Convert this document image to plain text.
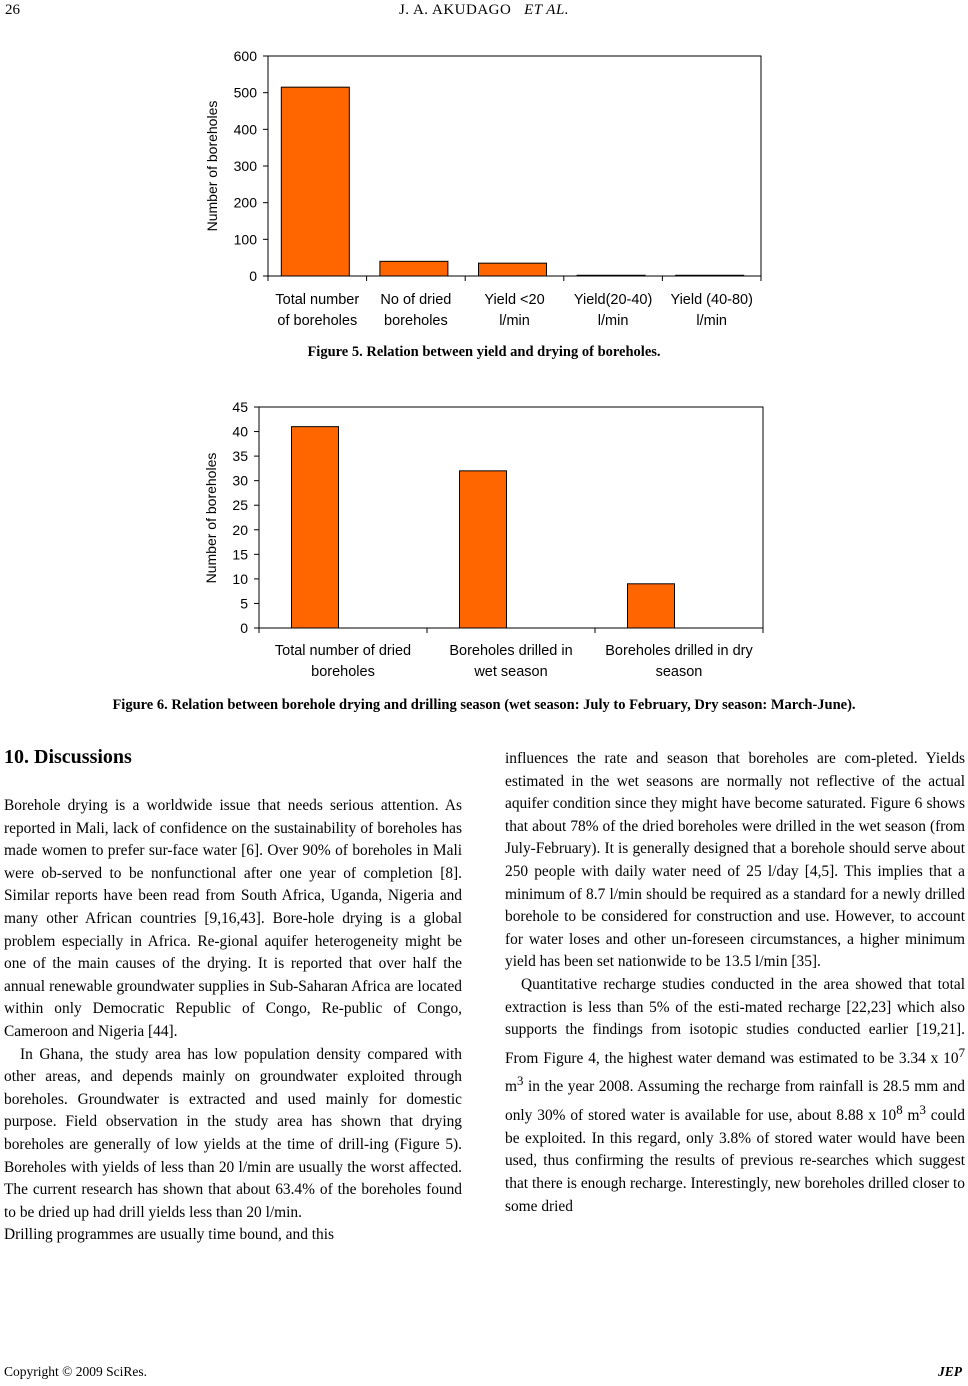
26	J. A. AKUDAGO ET AL.
Number of boreholes
0
100
200
300
400
500
600
Total number
of boreholes
No of dried
boreholes
Yield <20
l/min
Yield(20-40)
l/min
Yield (40-80)
l/min
Figure 5. Relation between yield and drying of boreholes.
Number of boreholes
0
5
10
15
20
25
30
35
40
45
Total number of dried
boreholes
Boreholes drilled in
wet season
Boreholes drilled in dry
season
Figure 6. Relation between borehole drying and drilling season (wet season: July to February, Dry season: March-June).
10. Discussions

Borehole drying is a worldwide issue that needs serious attention. As reported in Mali, lack of confidence on the sustainability of boreholes has made women to prefer sur-face water [6]. Over 90% of boreholes in Mali were ob-served to be nonfunctional after one year of completion [8]. Similar reports have been read from South Africa, Uganda, Nigeria and many other African countries [9,16,43]. Bore-hole drying is a global problem especially in Africa. Re-gional aquifer heterogeneity might be one of the main causes of the drying. It is reported that over half the annual renewable groundwater supplies in Sub-Saharan Africa are located within only Democratic Republic of Congo, Re-public of Congo, Cameroon and Nigeria [44].

In Ghana, the study area has low population density compared with other areas, and depends mainly on groundwater exploited through boreholes. Groundwater is extracted and used mainly for domestic purpose. Field observation in the study area has shown that drying boreholes are generally of low yields at the time of drill-ing (Figure 5). Boreholes with yields of less than 20 l/min are usually the worst affected. The current research has shown that about 63.4% of the boreholes found to be dried up had drill yields less than 20 l/min.

Drilling programmes are usually time bound, and this

influences the rate and season that boreholes are com-pleted. Yields estimated in the wet seasons are normally not reflective of the actual aquifer condition since they might have become saturated. Figure 6 shows that about 78% of the dried boreholes were drilled in the wet season (from July-February). It is generally designed that a borehole should serve about 250 people with daily water need of 25 l/day [4,5]. This implies that a minimum of 8.7 l/min should be required as a standard for a newly drilled borehole to be considered for construction and use. However, to account for water loses and other un-foreseen circumstances, a higher minimum yield has been set nationwide to be 13.5 l/min [35].

Quantitative recharge studies conducted in the area showed that total extraction is less than 5% of the esti-mated recharge [22,23] which also supports the findings from isotopic studies conducted earlier [19,21]. From Figure 4, the highest water demand was estimated to be 3.34 x $10^7$ $m^3$ in the year 2008. Assuming the recharge from rainfall is 28.5 mm and only 30% of stored water is available for use, about 8.88 x $10^8$ $m^3$ could be exploited. In this regard, only 3.8% of stored water would have been used, thus confirming the results of previous re-searches which suggest that there is enough recharge. Interestingly, new boreholes drilled closer to some dried

Copyright © 2009 SciRes.	JEP
